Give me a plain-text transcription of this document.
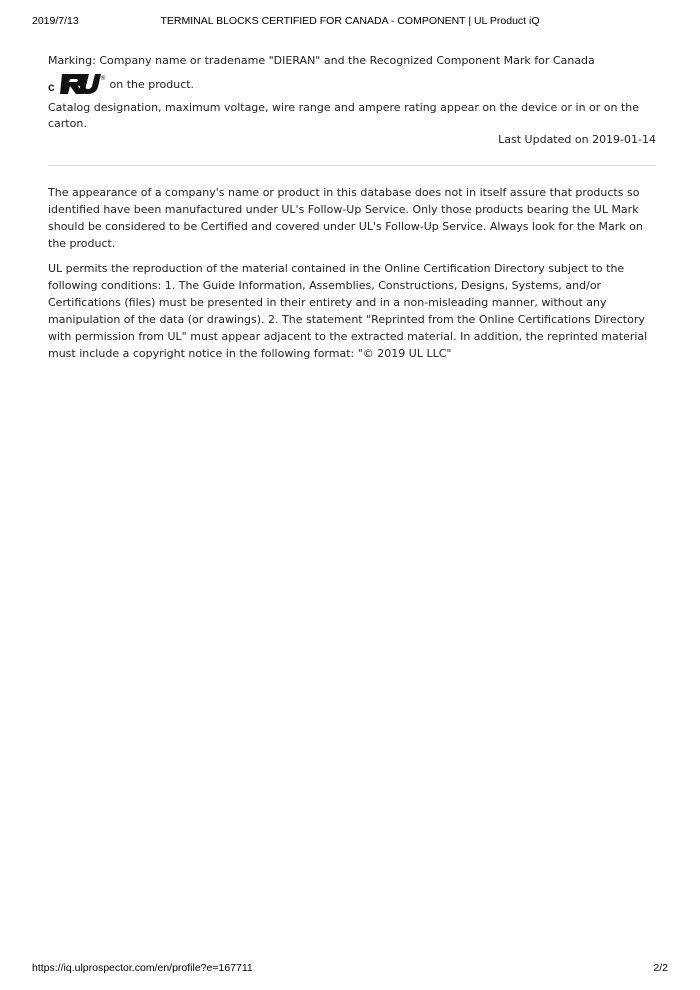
2019/7/13	TERMINAL BLOCKS CERTIFIED FOR CANADA - COMPONENT | UL Product iQ

Marking: Company name or tradename "DIERAN" and the Recognized Component Mark for Canada
c
® on the product.

Catalog designation, maximum voltage, wire range and ampere rating appear on the device or in or on the carton.

Last Updated on 2019-01-14

The appearance of a company's name or product in this database does not in itself assure that products so identified have been manufactured under UL's Follow-Up Service. Only those products bearing the UL Mark should be considered to be Certified and covered under UL's Follow-Up Service. Always look for the Mark on the product.

UL permits the reproduction of the material contained in the Online Certification Directory subject to the following conditions: 1. The Guide Information, Assemblies, Constructions, Designs, Systems, and/or Certifications (files) must be presented in their entirety and in a non-misleading manner, without any manipulation of the data (or drawings). 2. The statement "Reprinted from the Online Certifications Directory with permission from UL" must appear adjacent to the extracted material. In addition, the reprinted material must include a copyright notice in the following format: "© 2019 UL LLC"

https://iq.ulprospector.com/en/profile?e=167711	2/2
